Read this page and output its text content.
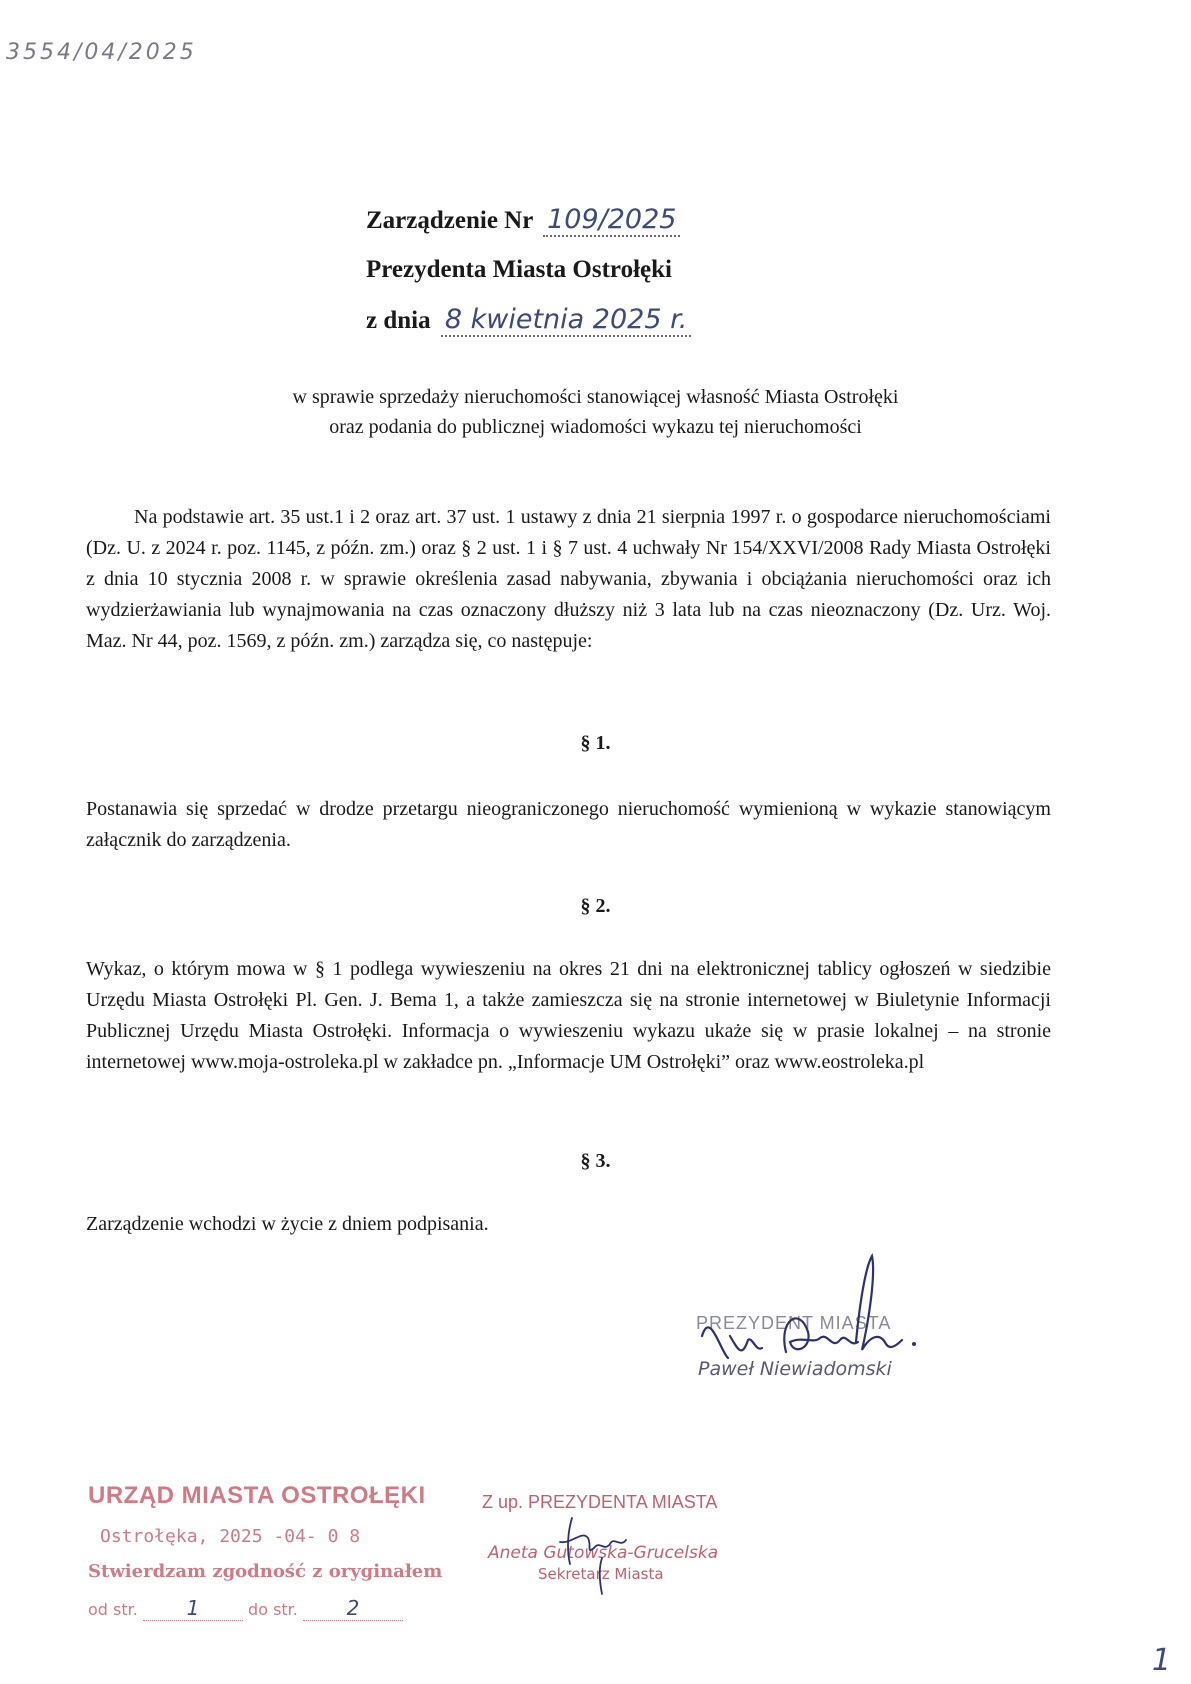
3554/04/2025
Zarządzenie Nr 109/2025
Prezydenta Miasta Ostrołęki
z dnia 8 kwietnia 2025 r.
w sprawie sprzedaży nieruchomości stanowiącej własność Miasta Ostrołęki
oraz podania do publicznej wiadomości wykazu tej nieruchomości

Na podstawie art. 35 ust.1 i 2 oraz art. 37 ust. 1 ustawy z dnia 21 sierpnia 1997 r. o gospodarce nieruchomościami (Dz. U. z 2024 r. poz. 1145, z późn. zm.) oraz § 2 ust. 1 i § 7 ust. 4 uchwały Nr 154/XXVI/2008 Rady Miasta Ostrołęki z dnia 10 stycznia 2008 r. w sprawie określenia zasad nabywania, zbywania i obciążania nieruchomości oraz ich wydzierżawiania lub wynajmowania na czas oznaczony dłuższy niż 3 lata lub na czas nieoznaczony (Dz. Urz. Woj. Maz. Nr 44, poz. 1569, z późn. zm.) zarządza się, co następuje:

§ 1.

Postanawia się sprzedać w drodze przetargu nieograniczonego nieruchomość wymienioną w wykazie stanowiącym załącznik do zarządzenia.

§ 2.

Wykaz, o którym mowa w § 1 podlega wywieszeniu na okres 21 dni na elektronicznej tablicy ogłoszeń w siedzibie Urzędu Miasta Ostrołęki Pl. Gen. J. Bema 1, a także zamieszcza się na stronie internetowej w Biuletynie Informacji Publicznej Urzędu Miasta Ostrołęki. Informacja o wywieszeniu wykazu ukaże się w prasie lokalnej – na stronie internetowej www.moja-ostroleka.pl w zakładce pn. „Informacje UM Ostrołęki” oraz www.eostroleka.pl

§ 3.

Zarządzenie wchodzi w życie z dniem podpisania.

PREZYDENT MIASTA
Paweł Niewiadomski
URZĄD MIASTA OSTROŁĘKI
Ostrołęka, 2025 -04- 0 8
Stwierdzam zgodność z oryginałem
od str. 1	do str. 2
Z up. PREZYDENTA MIASTA
Aneta Gutowska-Grucelska
Sekretarz Miasta
1
